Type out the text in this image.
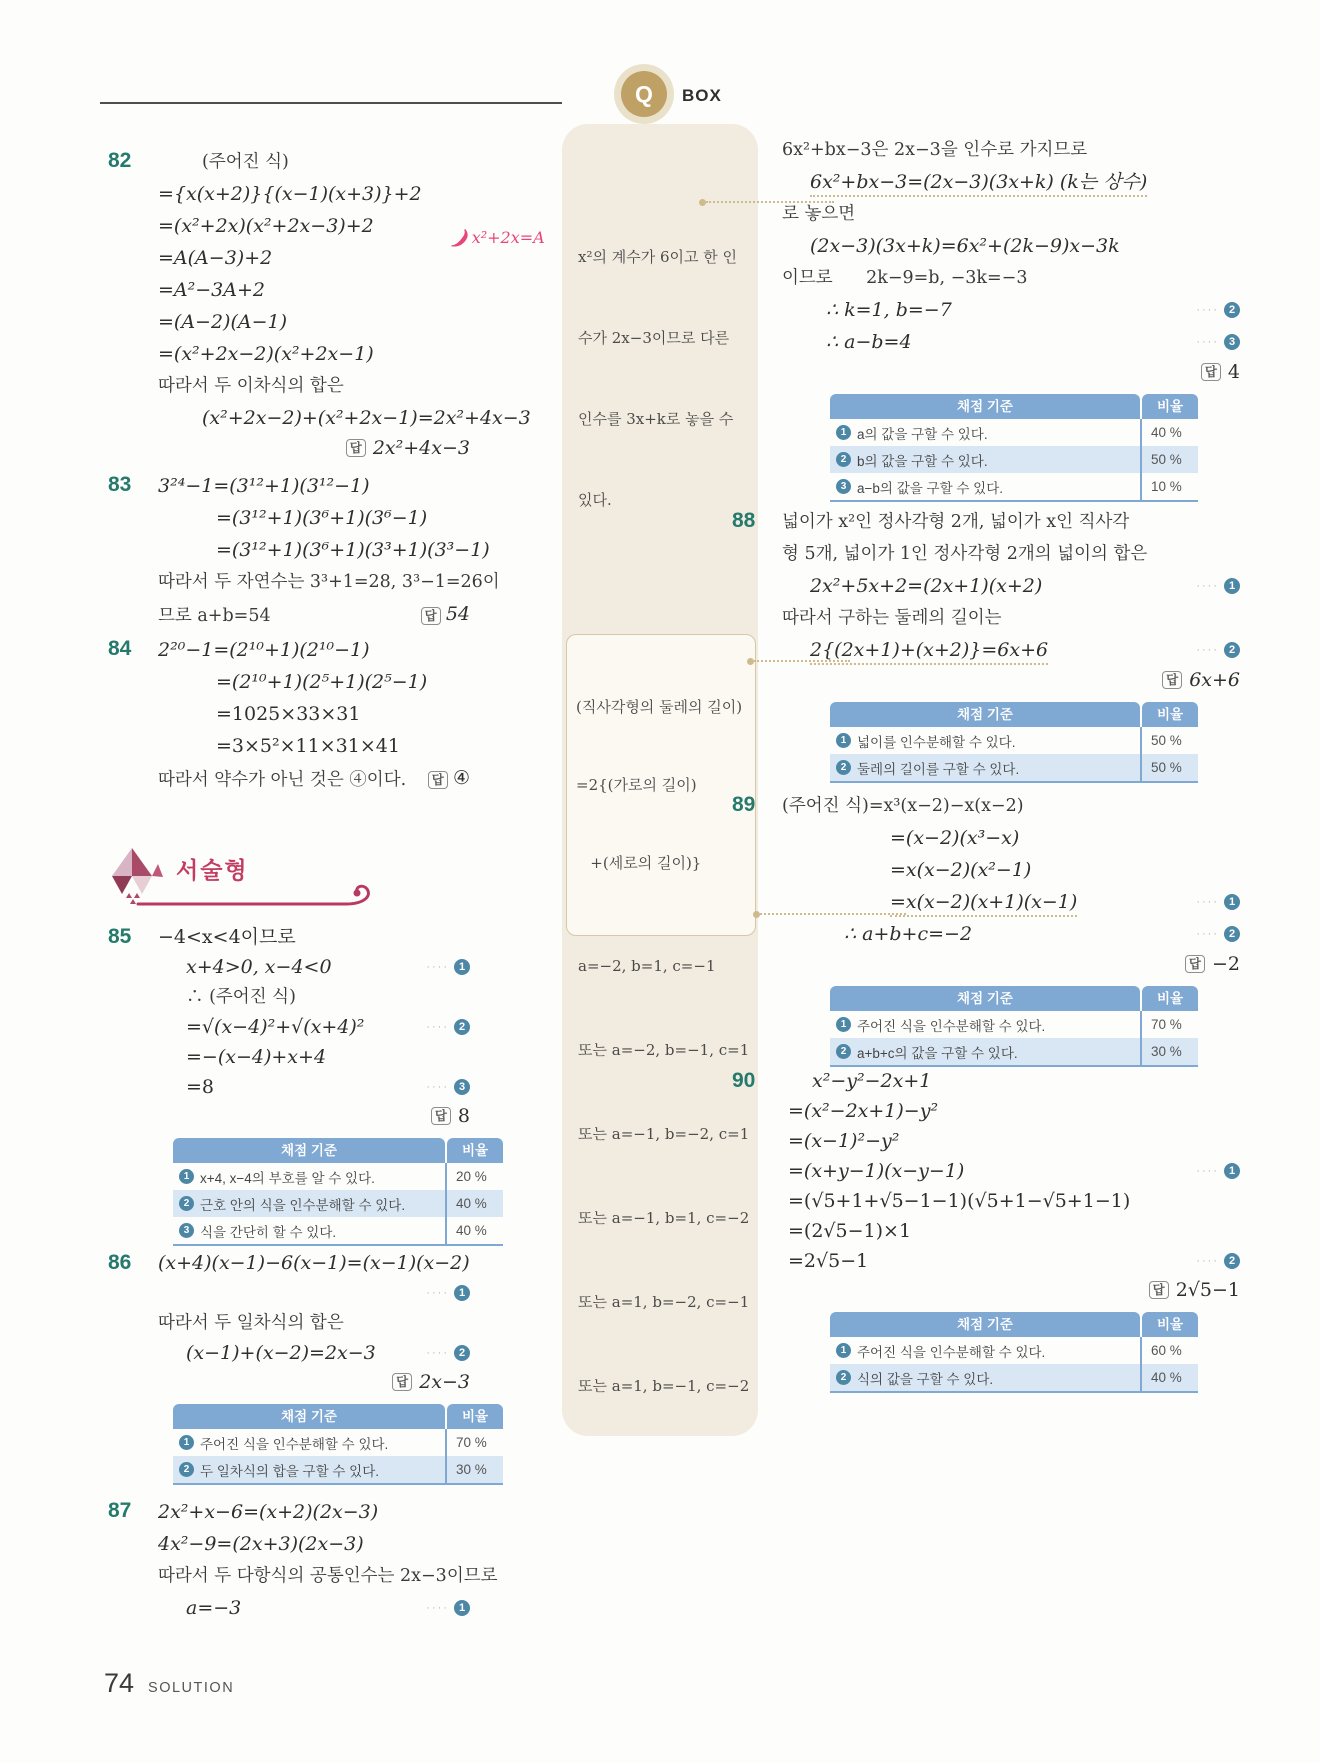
82	(주어진 식)
={x(x+2)}{(x−1)(x+3)}+2
=(x²+2x)(x²+2x−3)+2
=A(A−3)+2
=A²−3A+2
=(A−2)(A−1)
=(x²+2x−2)(x²+2x−1)
따라서 두 이차식의 합은
(x²+2x−2)+(x²+2x−1)=2x²+4x−3
답 2x²+4x−3
83 3²⁴−1=(3¹²+1)(3¹²−1)
=(3¹²+1)(3⁶+1)(3⁶−1)
=(3¹²+1)(3⁶+1)(3³+1)(3³−1)
따라서 두 자연수는 3³+1=28, 3³−1=26이
므로 a+b=54	답 54
84 2²⁰−1=(2¹⁰+1)(2¹⁰−1)
=(2¹⁰+1)(2⁵+1)(2⁵−1)
=1025×33×31
=3×5²×11×31×41
따라서 약수가 아닌 것은 ④이다.	답 ④
85 −4<x<4이므로
x+4>0, x−4<0
	···· 1
∴ (주어진 식)
=√(x−4)²+√(x+4)²
	···· 2
=−(x−4)+x+4
=8
	···· 3
답 8
채점 기준	비율
1 x+4, x−4의 부호를 알 수 있다.	20 %
2 근호 안의 식을 인수분해할 수 있다.	40 %
3 식을 간단히 할 수 있다.	40 %
86 (x+4)(x−1)−6(x−1)=(x−1)(x−2)

···· 1
따라서 두 일차식의 합은
(x−1)+(x−2)=2x−3
	···· 2
답 2x−3
채점 기준	비율
1 주어진 식을 인수분해할 수 있다.	70 %
2 두 일차식의 합을 구할 수 있다.	30 %
87 2x²+x−6=(x+2)(2x−3)
4x²−9=(2x+3)(2x−3)
따라서 두 다항식의 공통인수는 2x−3이므로
a=−3
	···· 1

)x²+2x=A

서술형
Q	BOX

x²의 계수가 6이고 한 인

수가 2x−3이므로 다른

인수를 3x+k로 놓을 수

있다.

(직사각형의 둘레의 길이)

=2{(가로의 길이)

+(세로의 길이)}

a=−2, b=1, c=−1

또는 a=−2, b=−1, c=1

또는 a=−1, b=−2, c=1

또는 a=−1, b=1, c=−2

또는 a=1, b=−2, c=−1

또는 a=1, b=−1, c=−2

6x²+bx−3은 2x−3을 인수로 가지므로
6x²+bx−3=(2x−3)(3x+k) (k는 상수)
로 놓으면
(2x−3)(3x+k)=6x²+(2k−9)x−3k
이므로      2k−9=b, −3k=−3
∴ k=1, b=−7
	···· 2
∴ a−b=4
	···· 3
답 4
채점 기준	비율
1 a의 값을 구할 수 있다.	40 %
2 b의 값을 구할 수 있다.	50 %
3 a−b의 값을 구할 수 있다.	10 %
88 넓이가 x²인 정사각형 2개, 넓이가 x인 직사각
형 5개, 넓이가 1인 정사각형 2개의 넓이의 합은
2x²+5x+2=(2x+1)(x+2)
	···· 1
따라서 구하는 둘레의 길이는
2{(2x+1)+(x+2)}=6x+6
	···· 2
답 6x+6
채점 기준	비율
1 넓이를 인수분해할 수 있다.	50 %
2 둘레의 길이를 구할 수 있다.	50 %
89 (주어진 식)=x³(x−2)−x(x−2)
=(x−2)(x³−x)
=x(x−2)(x²−1)
=x(x−2)(x+1)(x−1)
	···· 1
∴ a+b+c=−2
	···· 2
답 −2
채점 기준	비율
1 주어진 식을 인수분해할 수 있다.	70 %
2 a+b+c의 값을 구할 수 있다.	30 %
90	x²−y²−2x+1
=(x²−2x+1)−y²
=(x−1)²−y²
=(x+y−1)(x−y−1)
	···· 1
=(√5+1+√5−1−1)(√5+1−√5+1−1)
=(2√5−1)×1
=2√5−1
	···· 2
답 2√5−1
채점 기준	비율
1 주어진 식을 인수분해할 수 있다.	60 %
2 식의 값을 구할 수 있다.	40 %
74 SOLUTION
